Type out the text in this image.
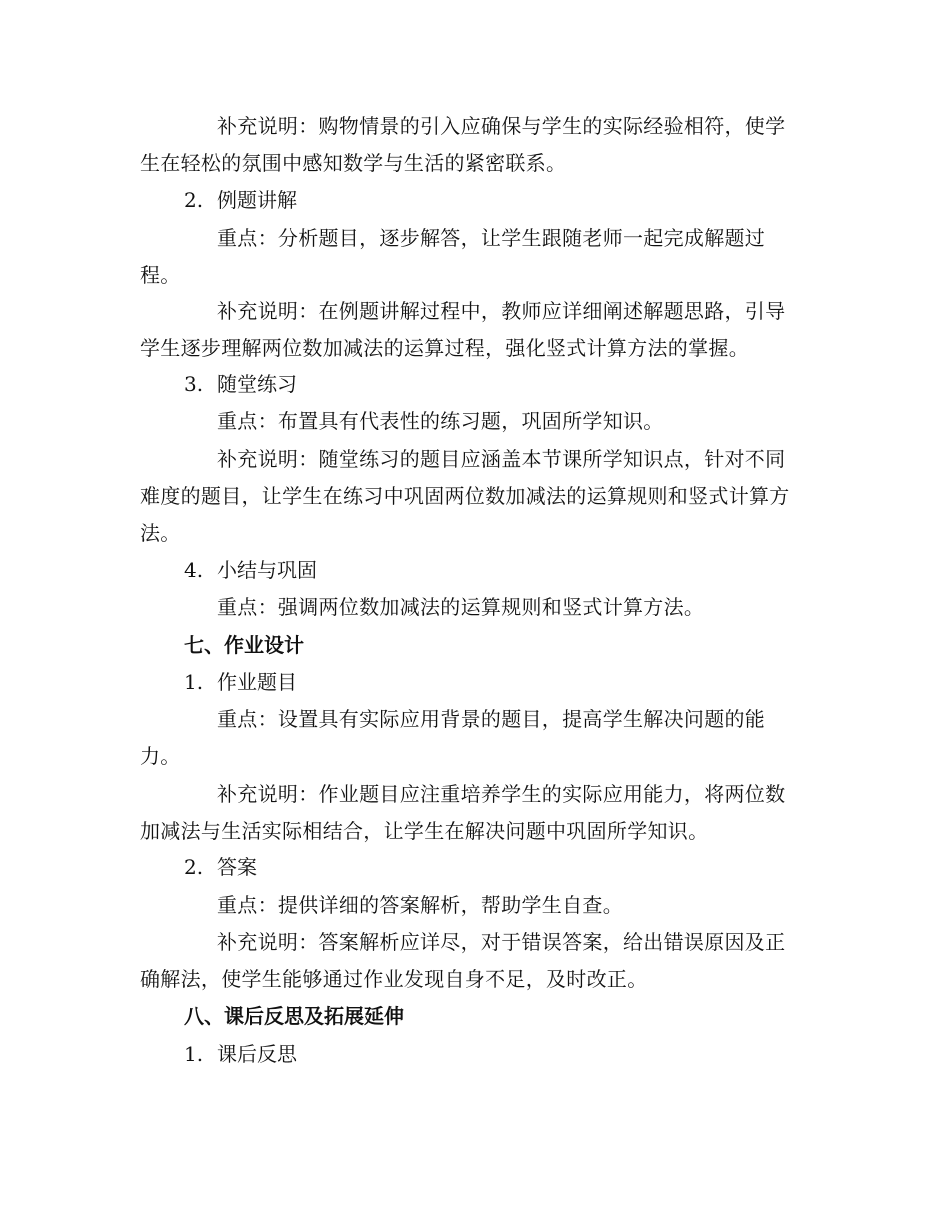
补充说明：购物情景的引入应确保与学生的实际经验相符，使学生在轻松的氛围中感知数学与生活的紧密联系。

2. 例题讲解

重点：分析题目，逐步解答，让学生跟随老师一起完成解题过程。

补充说明：在例题讲解过程中，教师应详细阐述解题思路，引导学生逐步理解两位数加减法的运算过程，强化竖式计算方法的掌握。

3. 随堂练习

重点：布置具有代表性的练习题，巩固所学知识。

补充说明：随堂练习的题目应涵盖本节课所学知识点，针对不同难度的题目，让学生在练习中巩固两位数加减法的运算规则和竖式计算方法。

4. 小结与巩固

重点：强调两位数加减法的运算规则和竖式计算方法。

七、作业设计
1. 作业题目

重点：设置具有实际应用背景的题目，提高学生解决问题的能力。

补充说明：作业题目应注重培养学生的实际应用能力，将两位数加减法与生活实际相结合，让学生在解决问题中巩固所学知识。

2. 答案

重点：提供详细的答案解析，帮助学生自查。

补充说明：答案解析应详尽，对于错误答案，给出错误原因及正确解法，使学生能够通过作业发现自身不足，及时改正。

八、课后反思及拓展延伸
1. 课后反思
